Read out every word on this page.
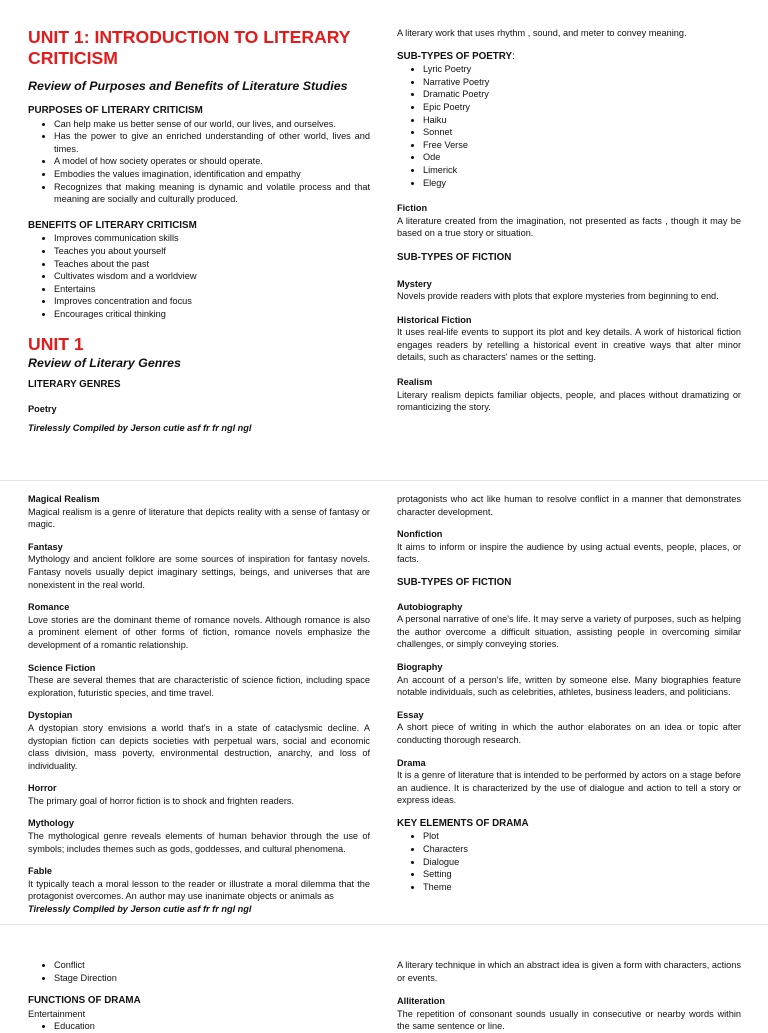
UNIT 1: INTRODUCTION TO LITERARY CRITICISM
Review of Purposes and Benefits of Literature Studies
PURPOSES OF LITERARY CRITICISM
• Can help make us better sense of our world, our lives, and ourselves.
• Has the power to give an enriched understanding of other world, lives and times.
• A model of how society operates or should operate.
• Embodies the values imagination, identification and empathy
• Recognizes that making meaning is dynamic and volatile process and that meaning are socially and culturally produced.
BENEFITS OF LITERARY CRITICISM
• Improves communication skills
• Teaches you about yourself
• Teaches about the past
• Cultivates wisdom and a worldview
• Entertains
• Improves concentration and focus
• Encourages critical thinking
UNIT 1
Review of Literary Genres
LITERARY GENRES
Poetry

Tirelessly Compiled by Jerson cutie asf fr fr ngl ngl

A literary work that uses rhythm , sound, and meter to convey meaning.

SUB-TYPES OF POETRY:
• Lyric Poetry
• Narrative Poetry
• Dramatic Poetry
• Epic Poetry
• Haiku
• Sonnet
• Free Verse
• Ode
• Limerick
• Elegy
Fiction

A literature created from the imagination, not presented as facts , though it may be based on a true story or situation.

SUB-TYPES OF FICTION
Mystery

Novels provide readers with plots that explore mysteries from beginning to end.

Historical Fiction

It uses real-life events to support its plot and key details. A work of historical fiction engages readers by retelling a historical event in creative ways that alter minor details, such as characters' names or the setting.

Realism

Literary realism depicts familiar objects, people, and places without dramatizing or romanticizing the story.

Magical Realism

Magical realism is a genre of literature that depicts reality with a sense of fantasy or magic.

Fantasy

Mythology and ancient folklore are some sources of inspiration for fantasy novels. Fantasy novels usually depict imaginary settings, beings, and universes that are nonexistent in the real world.

Romance

Love stories are the dominant theme of romance novels. Although romance is also a prominent element of other forms of fiction, romance novels emphasize the development of a romantic relationship.

Science Fiction

These are several themes that are characteristic of science fiction, including space exploration, futuristic species, and time travel.

Dystopian

A dystopian story envisions a world that's in a state of cataclysmic decline. A dystopian fiction can depicts societies with perpetual wars, social and economic class division, mass poverty, environmental destruction, anarchy, and loss of individuality.

Horror

The primary goal of horror fiction is to shock and frighten readers.

Mythology

The mythological genre reveals elements of human behavior through the use of symbols; includes themes such as gods, goddesses, and cultural phenomena.

Fable

It typically teach a moral lesson to the reader or illustrate a moral dilemma that the protagonist overcomes. An author may use inanimate objects or animals as

Tirelessly Compiled by Jerson cutie asf fr fr ngl ngl

protagonists who act like human to resolve conflict in a manner that demonstrates character development.

Nonfiction

It aims to inform or inspire the audience by using actual events, people, places, or facts.

SUB-TYPES OF FICTION
Autobiography

A personal narrative of one's life. It may serve a variety of purposes, such as helping the author overcome a difficult situation, assisting people in overcoming similar challenges, or simply conveying stories.

Biography

An account of a person's life, written by someone else. Many biographies feature notable individuals, such as celebrities, athletes, business leaders, and politicians.

Essay

A short piece of writing in which the author elaborates on an idea or topic after conducting thorough research.

Drama

It is a genre of literature that is intended to be performed by actors on a stage before an audience. It is characterized by the use of dialogue and action to tell a story or express ideas.

KEY ELEMENTS OF DRAMA
• Plot
• Characters
• Dialogue
• Setting
• Theme
• Conflict
• Stage Direction
FUNCTIONS OF DRAMA

Entertainment

• Education

A literary technique in which an abstract idea is given a form with characters, actions or events.

Alliteration

The repetition of consonant sounds usually in consecutive or nearby words within the same sentence or line.
